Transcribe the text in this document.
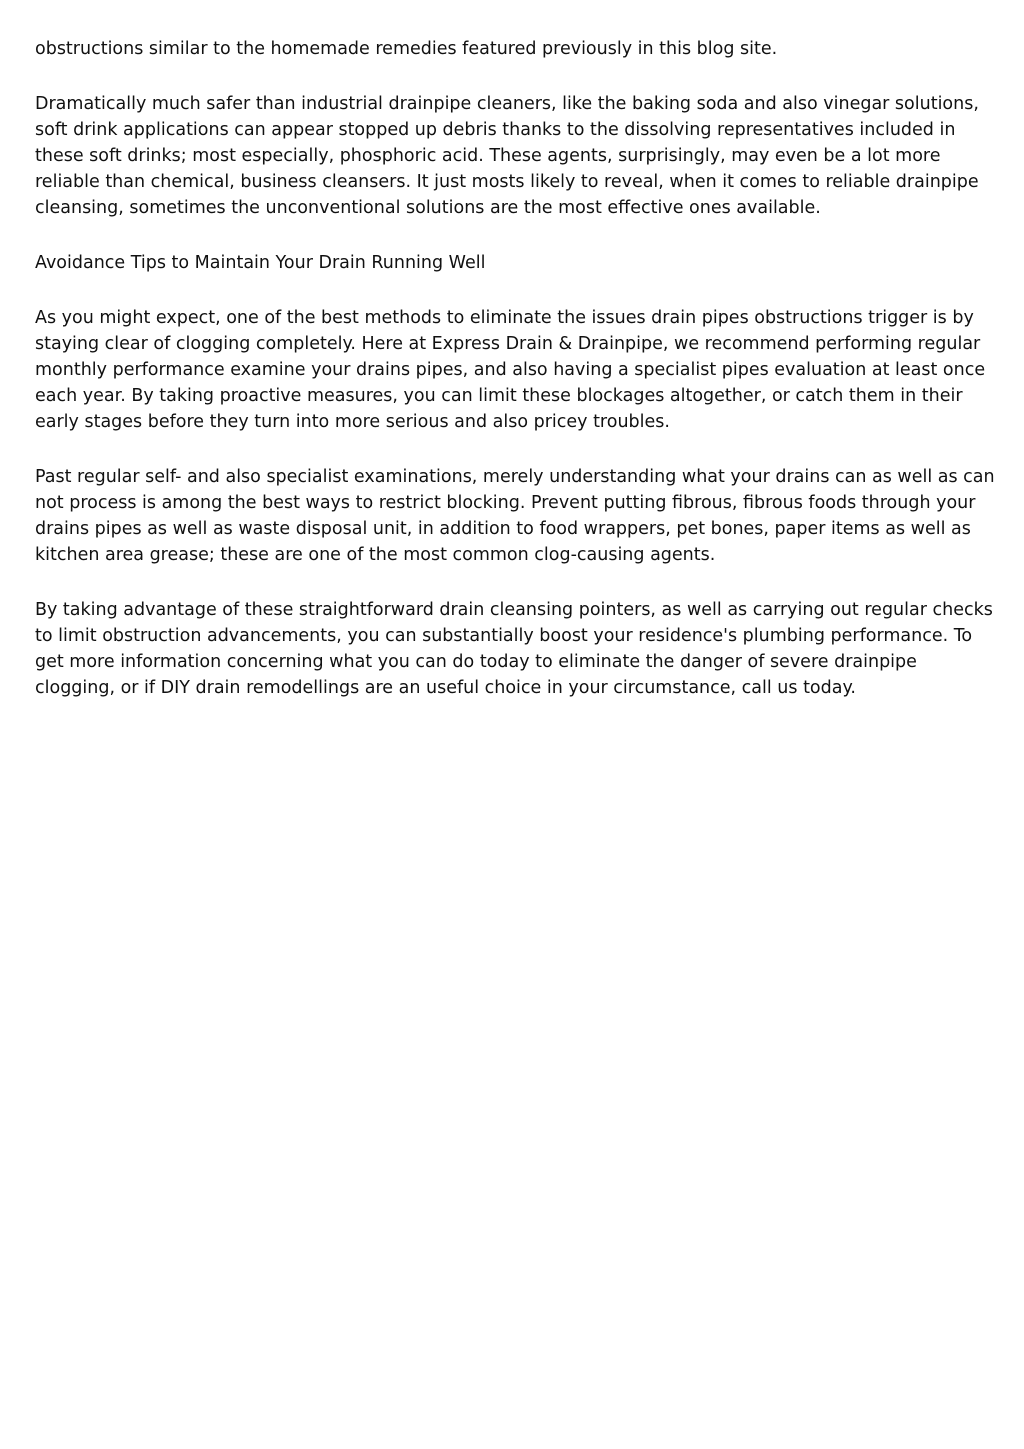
obstructions similar to the homemade remedies featured previously in this blog site.

Dramatically much safer than industrial drainpipe cleaners, like the baking soda and also vinegar solutions, soft drink applications can appear stopped up debris thanks to the dissolving representatives included in these soft drinks; most especially, phosphoric acid. These agents, surprisingly, may even be a lot more reliable than chemical, business cleansers. It just mosts likely to reveal, when it comes to reliable drainpipe cleansing, sometimes the unconventional solutions are the most effective ones available.

Avoidance Tips to Maintain Your Drain Running Well

As you might expect, one of the best methods to eliminate the issues drain pipes obstructions trigger is by staying clear of clogging completely. Here at Express Drain & Drainpipe, we recommend performing regular monthly performance examine your drains pipes, and also having a specialist pipes evaluation at least once each year. By taking proactive measures, you can limit these blockages altogether, or catch them in their early stages before they turn into more serious and also pricey troubles.

Past regular self- and also specialist examinations, merely understanding what your drains can as well as can not process is among the best ways to restrict blocking. Prevent putting fibrous, fibrous foods through your drains pipes as well as waste disposal unit, in addition to food wrappers, pet bones, paper items as well as kitchen area grease; these are one of the most common clog-causing agents.

By taking advantage of these straightforward drain cleansing pointers, as well as carrying out regular checks to limit obstruction advancements, you can substantially boost your residence's plumbing performance. To get more information concerning what you can do today to eliminate the danger of severe drainpipe clogging, or if DIY drain remodellings are an useful choice in your circumstance, call us today.
